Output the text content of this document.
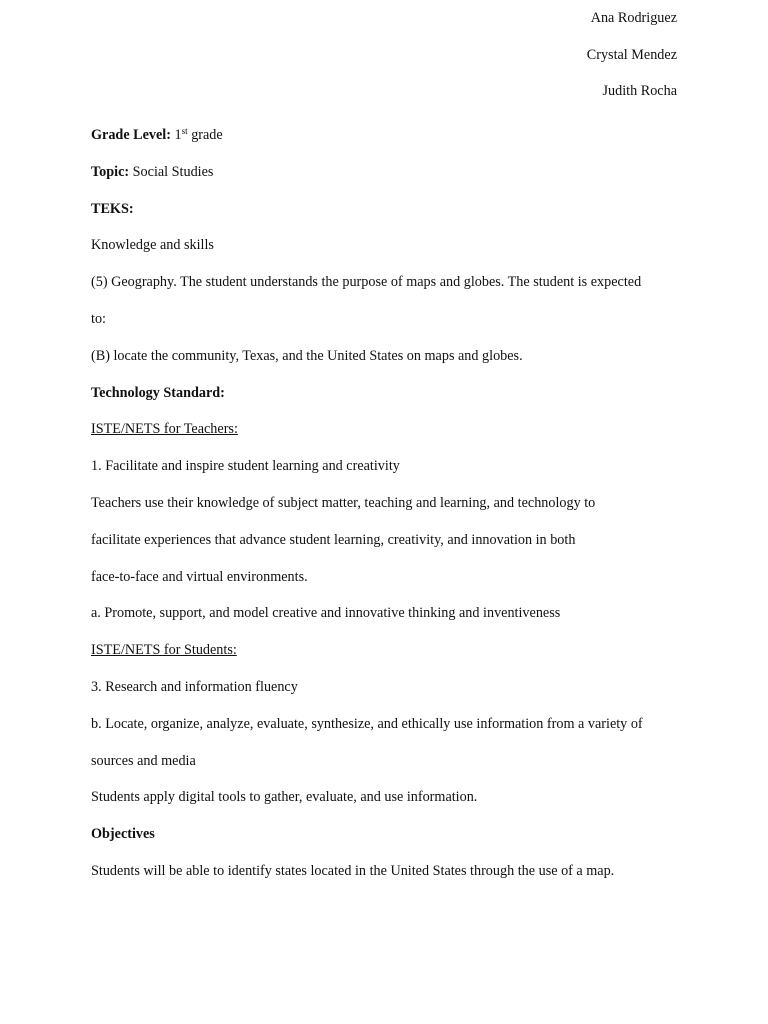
Ana Rodriguez
Crystal Mendez
Judith Rocha
Grade Level: 1st grade
Topic: Social Studies
TEKS:
Knowledge and skills
(5) Geography. The student understands the purpose of maps and globes. The student is expected
to:
(B) locate the community, Texas, and the United States on maps and globes.
Technology Standard:
ISTE/NETS for Teachers:
1. Facilitate and inspire student learning and creativity
Teachers use their knowledge of subject matter, teaching and learning, and technology to
facilitate experiences that advance student learning, creativity, and innovation in both
face-to-face and virtual environments.
a. Promote, support, and model creative and innovative thinking and inventiveness
ISTE/NETS for Students:
3. Research and information fluency
b. Locate, organize, analyze, evaluate, synthesize, and ethically use information from a variety of
sources and media
Students apply digital tools to gather, evaluate, and use information.
Objectives
Students will be able to identify states located in the United States through the use of a map.
